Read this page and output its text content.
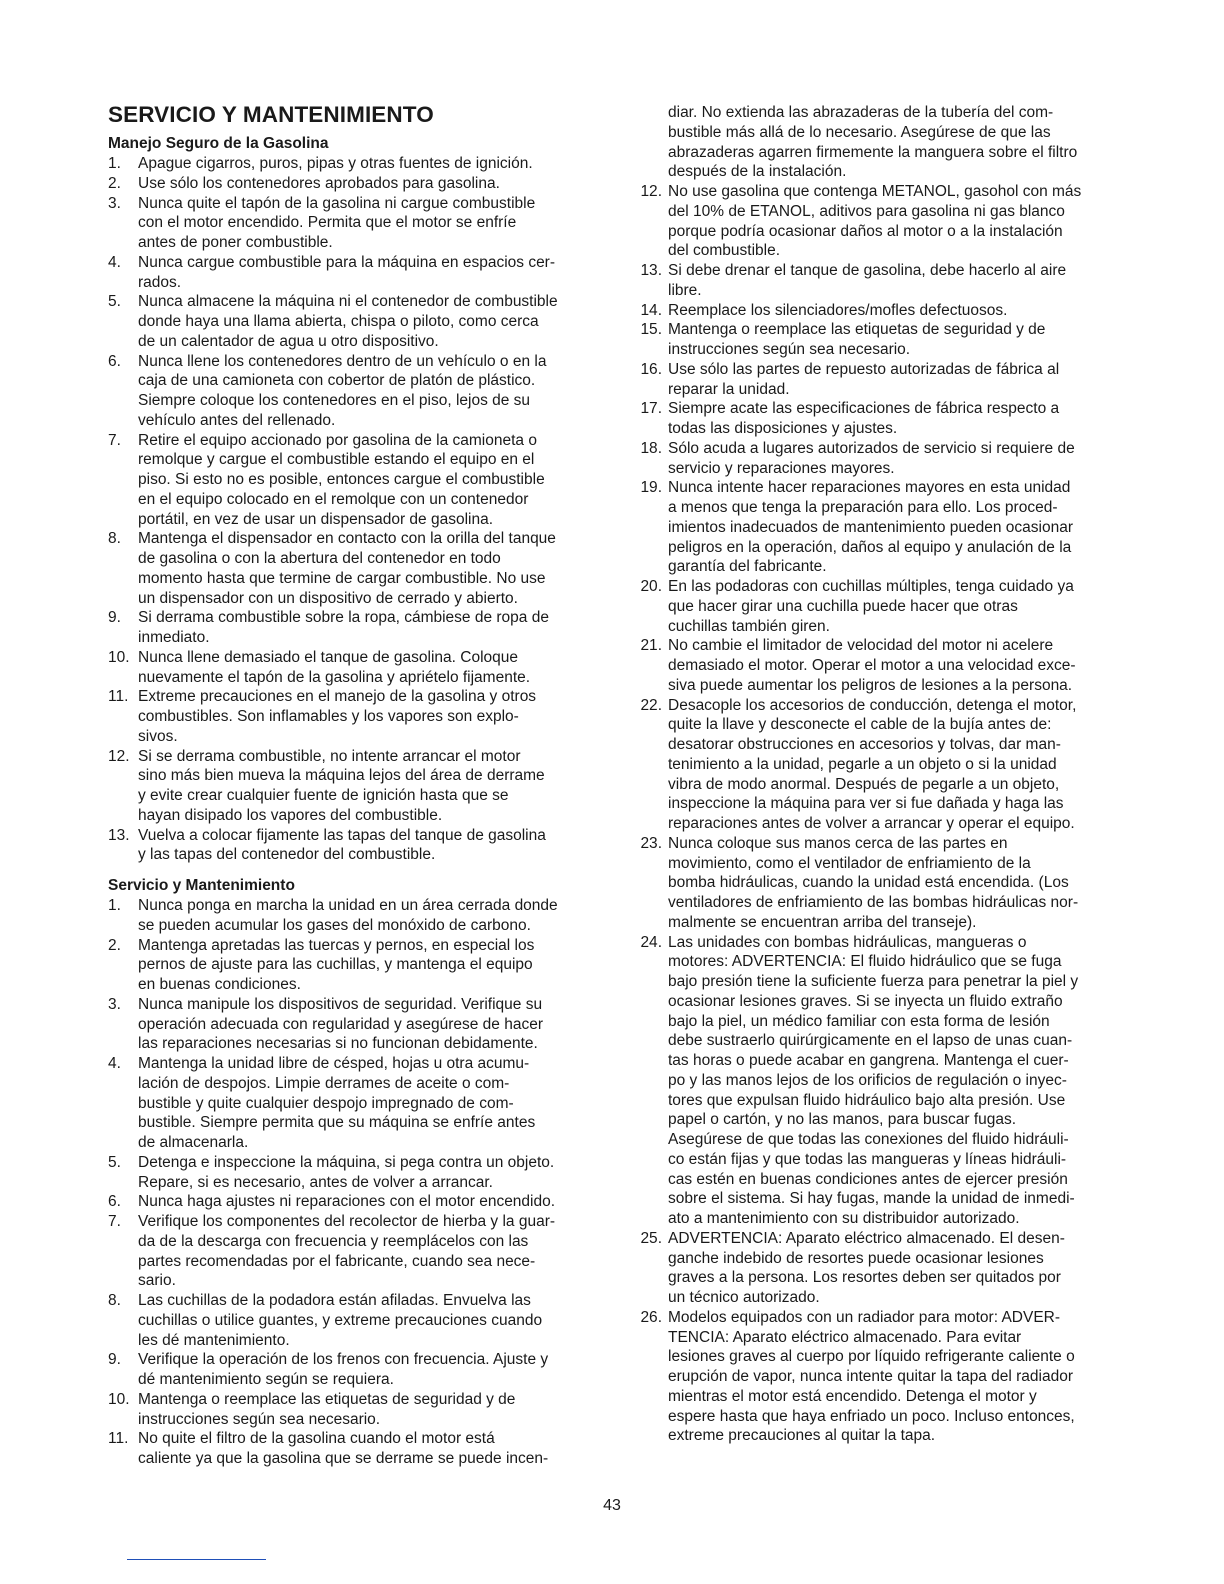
SERVICIO Y MANTENIMIENTO
Manejo Seguro de la Gasolina
1 .	Apague cigarros, puros, pipas y otras fuentes de ignición.
2 .	Use sólo los contenedores aprobados para gasolina.
3 .	Nunca quite el tapón de la gasolina ni cargue combustible
con el motor encendido. Permita que el motor se enfríe
antes de poner combustible.
4 .	Nunca cargue combustible para la máquina en espacios cer-
rados.
5 .	Nunca almacene la máquina ni el contenedor de combustible
donde haya una llama abierta, chispa o piloto, como cerca
de un calentador de agua u otro dispositivo.
6 .	Nunca llene los contenedores dentro de un vehículo o en la
caja de una camioneta con cobertor de platón de plástico.
Siempre coloque los contenedores en el piso, lejos de su
vehículo antes del rellenado.
7 .	Retire el equipo accionado por gasolina de la camioneta o
remolque y cargue el combustible estando el equipo en el
piso. Si esto no es posible, entonces cargue el combustible
en el equipo colocado en el remolque con un contenedor
portátil, en vez de usar un dispensador de gasolina.
8 .	Mantenga el dispensador en contacto con la orilla del tanque
de gasolina o con la abertura del contenedor en todo
momento hasta que termine de cargar combustible. No use
un dispensador con un dispositivo de cerrado y abierto.
9 .	Si derrama combustible sobre la ropa, cámbiese de ropa de
inmediato.
10 . Nunca llene demasiado el tanque de gasolina. Coloque
nuevamente el tapón de la gasolina y apriételo fijamente.
11 . Extreme precauciones en el manejo de la gasolina y otros
combustibles. Son inflamables y los vapores son explo-
sivos.
12 . Si se derrama combustible, no intente arrancar el motor
sino más bien mueva la máquina lejos del área de derrame
y evite crear cualquier fuente de ignición hasta que se
hayan disipado los vapores del combustible.
13 . Vuelva a colocar fijamente las tapas del tanque de gasolina
y las tapas del contenedor del combustible.
Servicio y Mantenimiento
1 .	Nunca ponga en marcha la unidad en un área cerrada donde
se pueden acumular los gases del monóxido de carbono.
2 .	Mantenga apretadas las tuercas y pernos, en especial los
pernos de ajuste para las cuchillas, y mantenga el equipo
en buenas condiciones.
3 .	Nunca manipule los dispositivos de seguridad. Verifique su
operación adecuada con regularidad y asegúrese de hacer
las reparaciones necesarias si no funcionan debidamente.
4 .	Mantenga la unidad libre de césped, hojas u otra acumu-
lación de despojos. Limpie derrames de aceite o com-
bustible y quite cualquier despojo impregnado de com-
bustible. Siempre permita que su máquina se enfríe antes
de almacenarla.
5 .	Detenga e inspeccione la máquina, si pega contra un objeto.
Repare, si es necesario, antes de volver a arrancar.
6 .	Nunca haga ajustes ni reparaciones con el motor encendido.
7 .	Verifique los componentes del recolector de hierba y la guar-
da de la descarga con frecuencia y reemplácelos con las
partes recomendadas por el fabricante, cuando sea nece-
sario.
8 .	Las cuchillas de la podadora están afiladas. Envuelva las
cuchillas o utilice guantes, y extreme precauciones cuando
les dé mantenimiento.
9 .	Verifique la operación de los frenos con frecuencia. Ajuste y
dé mantenimiento según se requiera.
10 . Mantenga o reemplace las etiquetas de seguridad y de
instrucciones según sea necesario.
11 . No quite el filtro de la gasolina cuando el motor está
caliente ya que la gasolina que se derrame se puede incen-
diar. No extienda las abrazaderas de la tubería del com-
bustible más allá de lo necesario. Asegúrese de que las
abrazaderas agarren firmemente la manguera sobre el filtro
después de la instalación.
12 . No use gasolina que contenga METANOL, gasohol con más
del 10% de ETANOL, aditivos para gasolina ni gas blanco
porque podría ocasionar daños al motor o a la instalación
del combustible.
13 . Si debe drenar el tanque de gasolina, debe hacerlo al aire
libre.
14 . Reemplace los silenciadores/mofles defectuosos.
15 . Mantenga o reemplace las etiquetas de seguridad y de
instrucciones según sea necesario.
16 . Use sólo las partes de repuesto autorizadas de fábrica al
reparar la unidad.
17 . Siempre acate las especificaciones de fábrica respecto a
todas las disposiciones y ajustes.
18 . Sólo acuda a lugares autorizados de servicio si requiere de
servicio y reparaciones mayores.
19 . Nunca intente hacer reparaciones mayores en esta unidad
a menos que tenga la preparación para ello. Los proced-
imientos inadecuados de mantenimiento pueden ocasionar
peligros en la operación, daños al equipo y anulación de la
garantía del fabricante.
20 . En las podadoras con cuchillas múltiples, tenga cuidado ya
que hacer girar una cuchilla puede hacer que otras
cuchillas también giren.
21 . No cambie el limitador de velocidad del motor ni acelere
demasiado el motor. Operar el motor a una velocidad exce-
siva puede aumentar los peligros de lesiones a la persona.
22 . Desacople los accesorios de conducción, detenga el motor,
quite la llave y desconecte el cable de la bujía antes de:
desatorar obstrucciones en accesorios y tolvas, dar man-
tenimiento a la unidad, pegarle a un objeto o si la unidad
vibra de modo anormal. Después de pegarle a un objeto,
inspeccione la máquina para ver si fue dañada y haga las
reparaciones antes de volver a arrancar y operar el equipo.
23 . Nunca coloque sus manos cerca de las partes en
movimiento, como el ventilador de enfriamiento de la
bomba hidráulicas, cuando la unidad está encendida. (Los
ventiladores de enfriamiento de las bombas hidráulicas nor-
malmente se encuentran arriba del transeje).
24 . Las unidades con bombas hidráulicas, mangueras o
motores: ADVERTENCIA: El fluido hidráulico que se fuga
bajo presión tiene la suficiente fuerza para penetrar la piel y
ocasionar lesiones graves. Si se inyecta un fluido extraño
bajo la piel, un médico familiar con esta forma de lesión
debe sustraerlo quirúrgicamente en el lapso de unas cuan-
tas horas o puede acabar en gangrena. Mantenga el cuer-
po y las manos lejos de los orificios de regulación o inyec-
tores que expulsan fluido hidráulico bajo alta presión. Use
papel o cartón, y no las manos, para buscar fugas.
Asegúrese de que todas las conexiones del fluido hidráuli-
co están fijas y que todas las mangueras y líneas hidráuli-
cas estén en buenas condiciones antes de ejercer presión
sobre el sistema. Si hay fugas, mande la unidad de inmedi-
ato a mantenimiento con su distribuidor autorizado.
25 . ADVERTENCIA: Aparato eléctrico almacenado. El desen-
ganche indebido de resortes puede ocasionar lesiones
graves a la persona. Los resortes deben ser quitados por
un técnico autorizado.
26 . Modelos equipados con un radiador para motor: ADVER-
TENCIA: Aparato eléctrico almacenado. Para evitar
lesiones graves al cuerpo por líquido refrigerante caliente o
erupción de vapor, nunca intente quitar la tapa del radiador
mientras el motor está encendido. Detenga el motor y
espere hasta que haya enfriado un poco. Incluso entonces,
extreme precauciones al quitar la tapa.
43
